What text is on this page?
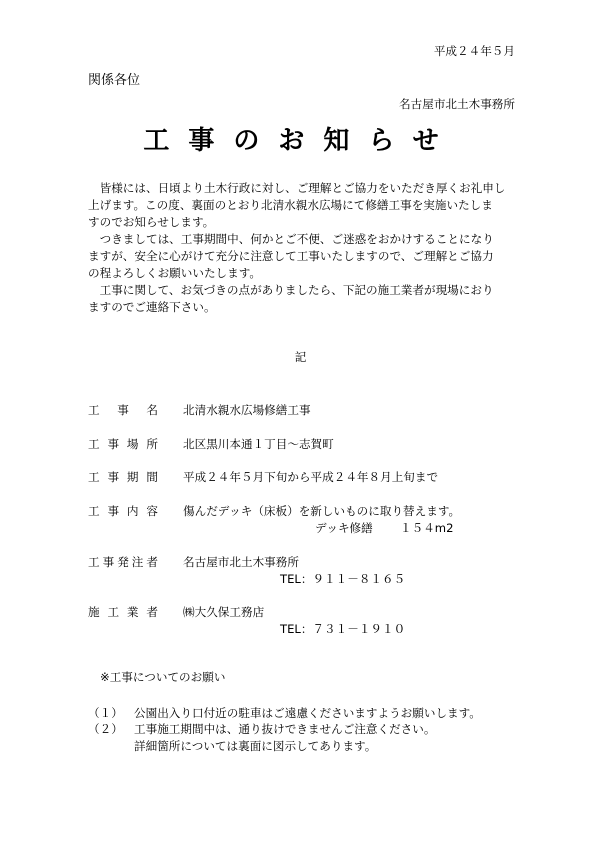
平成２４年５月
関係各位
名古屋市北土木事務所
工事のお知らせ

　皆様には、日頃より土木行政に対し、ご理解とご協力をいただき厚くお礼申し

上げます。この度、裏面のとおり北清水親水広場にて修繕工事を実施いたしま

すのでお知らせします。

　つきましては、工事期間中、何かとご不便、ご迷惑をおかけすることになり

ますが、安全に心がけて充分に注意して工事いたしますので、ご理解とご協力

の程よろしくお願いいたします。

　工事に関して、お気づきの点がありましたら、下記の施工業者が現場におり

ますのでご連絡下さい。

記
工事名 北清水親水広場修繕工事
工事場所 北区黒川本通１丁目～志賀町
工事期間 平成２４年５月下旬から平成２４年８月上旬まで
工事内容 傷んだデッキ（床板）を新しいものに取り替えます。
デッキ修繕 １５４m2
工事発注者 名古屋市北土木事務所
TEL：９１１－８１６５
施工業者 ㈱大久保工務店
TEL：７３１－１９１０
※工事についてのお願い
（１） 公園出入り口付近の駐車はご遠慮くださいますようお願いします。
（２） 工事施工期間中は、通り抜けできませんご注意ください。
詳細箇所については裏面に図示してあります。
